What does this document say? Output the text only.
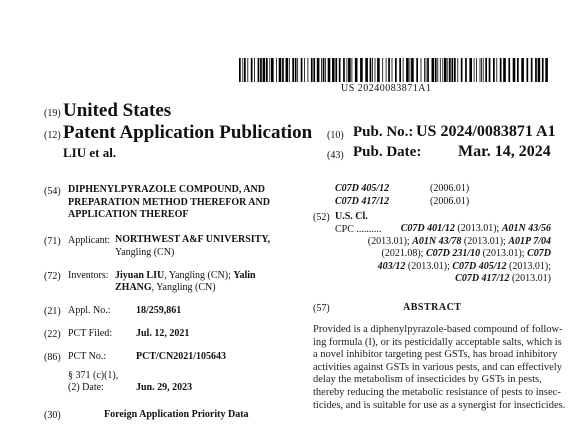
US 20240083871A1
(19) United States
(12) Patent Application Publication (10) Pub. No.: US 2024/0083871 A1
LIU et al.	(43) Pub. Date: Mar. 14, 2024
(54) DIPHENYLPYRAZOLE COMPOUND, AND
PREPARATION METHOD THEREFOR AND
APPLICATION THEREOF
(71) Applicant: NORTHWEST A&F UNIVERSITY,
Yangling (CN)
(72) Inventors: Jiyuan LIU, Yangling (CN); Yalin
ZHANG, Yangling (CN)
(21) Appl. No.:	18/259,861
(22) PCT Filed: Jul. 12, 2021
(86) PCT No.:	PCT/CN2021/105643
§ 371 (c)(1),
(2) Date:	Jun. 29, 2023
(30)	Foreign Application Priority Data
C07D 405/12	(2006.01)
C07D 417/12	(2006.01)
(52) U.S. Cl.
CPC ..........	C07D 401/12 (2013.01); A01N 43/56
(2013.01); A01N 43/78 (2013.01); A01P 7/04
(2021.08); C07D 231/10 (2013.01); C07D
403/12 (2013.01); C07D 405/12 (2013.01);
C07D 417/12 (2013.01)
(57)	ABSTRACT
Provided is a diphenylpyrazole-based compound of follow-
ing formula (I), or its pesticidally acceptable salts, which is
a novel inhibitor targeting pest GSTs, has broad inhibitory
activities against GSTs in various pests, and can effectively
delay the metabolism of insecticides by GSTs in pests,
thereby reducing the metabolic resistance of pests to insec-
ticides, and is suitable for use as a synergist for insecticides.
